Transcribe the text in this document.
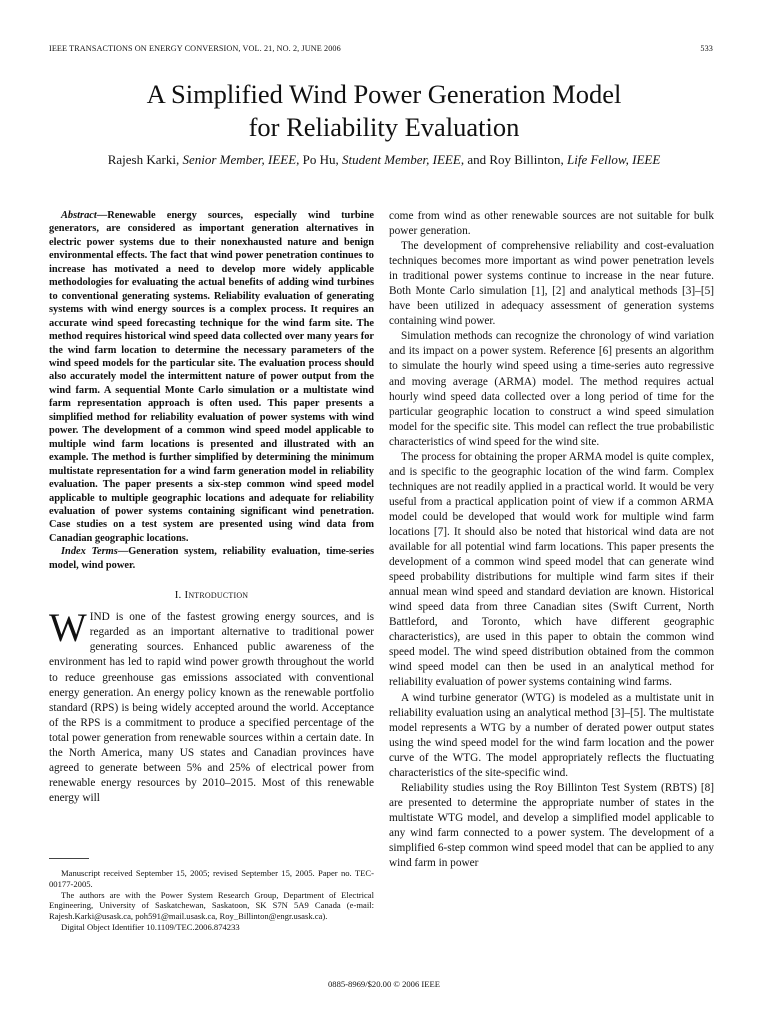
IEEE TRANSACTIONS ON ENERGY CONVERSION, VOL. 21, NO. 2, JUNE 2006	533
A Simplified Wind Power Generation Model
for Reliability Evaluation
Rajesh Karki, Senior Member, IEEE, Po Hu, Student Member, IEEE, and Roy Billinton, Life Fellow, IEEE

Abstract—Renewable energy sources, especially wind turbine generators, are considered as important generation alternatives in electric power systems due to their nonexhausted nature and benign environmental effects. The fact that wind power penetration continues to increase has motivated a need to develop more widely applicable methodologies for evaluating the actual benefits of adding wind turbines to conventional generating systems. Reliability evaluation of generating systems with wind energy sources is a complex process. It requires an accurate wind speed forecasting technique for the wind farm site. The method requires historical wind speed data collected over many years for the wind farm location to determine the necessary parameters of the wind speed models for the particular site. The evaluation process should also accurately model the intermittent nature of power output from the wind farm. A sequential Monte Carlo simulation or a multistate wind farm representation approach is often used. This paper presents a simplified method for reliability evaluation of power systems with wind power. The development of a common wind speed model applicable to multiple wind farm locations is presented and illustrated with an example. The method is further simplified by determining the minimum multistate representation for a wind farm generation model in reliability evaluation. The paper presents a six-step common wind speed model applicable to multiple geographic locations and adequate for reliability evaluation of power systems containing significant wind penetration. Case studies on a test system are presented using wind data from Canadian geographic locations.

Index Terms—Generation system, reliability evaluation, time-series model, wind power.

I. Introduction
W IND is one of the fastest growing energy sources, and is regarded as an important alternative to traditional power generating sources. Enhanced public awareness of the environment has led to rapid wind power growth throughout the world to reduce greenhouse gas emissions associated with conventional energy generation. An energy policy known as the renewable portfolio standard (RPS) is being widely accepted around the world. Acceptance of the RPS is a commitment to produce a specified percentage of the total power generation from renewable sources within a certain date. In the North America, many US states and Canadian provinces have agreed to generate between 5% and 25% of electrical power from renewable energy resources by 2010–2015. Most of this renewable energy will

Manuscript received September 15, 2005; revised September 15, 2005. Paper no. TEC-00177-2005.

The authors are with the Power System Research Group, Department of Electrical Engineering, University of Saskatchewan, Saskatoon, SK S7N 5A9 Canada (e-mail: Rajesh.Karki@usask.ca, poh591@mail.usask.ca, Roy_Billinton@engr.usask.ca).

Digital Object Identifier 10.1109/TEC.2006.874233

come from wind as other renewable sources are not suitable for bulk power generation.

The development of comprehensive reliability and cost-evaluation techniques becomes more important as wind power penetration levels in traditional power systems continue to increase in the near future. Both Monte Carlo simulation [1], [2] and analytical methods [3]–[5] have been utilized in adequacy assessment of generation systems containing wind power.

Simulation methods can recognize the chronology of wind variation and its impact on a power system. Reference [6] presents an algorithm to simulate the hourly wind speed using a time-series auto regressive and moving average (ARMA) model. The method requires actual hourly wind speed data collected over a long period of time for the particular geographic location to construct a wind speed simulation model for the specific site. This model can reflect the true probabilistic characteristics of wind speed for the wind site.

The process for obtaining the proper ARMA model is quite complex, and is specific to the geographic location of the wind farm. Complex techniques are not readily applied in a practical world. It would be very useful from a practical application point of view if a common ARMA model could be developed that would work for multiple wind farm locations [7]. It should also be noted that historical wind data are not available for all potential wind farm locations. This paper presents the development of a common wind speed model that can generate wind speed probability distributions for multiple wind farm sites if their annual mean wind speed and standard deviation are known. Historical wind speed data from three Canadian sites (Swift Current, North Battleford, and Toronto, which have different geographic characteristics), are used in this paper to obtain the common wind speed model. The wind speed distribution obtained from the common wind speed model can then be used in an analytical method for reliability evaluation of power systems containing wind farms.

A wind turbine generator (WTG) is modeled as a multistate unit in reliability evaluation using an analytical method [3]–[5]. The multistate model represents a WTG by a number of derated power output states using the wind speed model for the wind farm location and the power curve of the WTG. The model appropriately reflects the fluctuating characteristics of the site-specific wind.

Reliability studies using the Roy Billinton Test System (RBTS) [8] are presented to determine the appropriate number of states in the multistate WTG model, and develop a simplified model applicable to any wind farm connected to a power system. The development of a simplified 6-step common wind speed model that can be applied to any wind farm in power

0885-8969/$20.00 © 2006 IEEE
